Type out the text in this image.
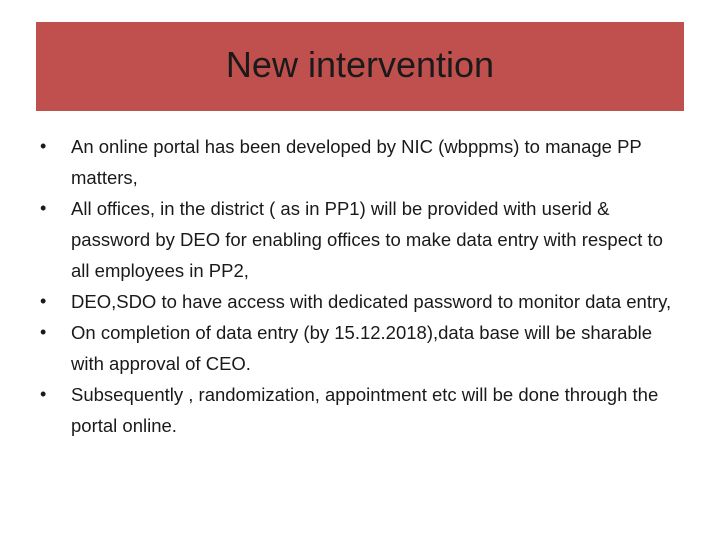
New intervention
•	An online portal has been developed by NIC (wbppms) to manage PP matters,
•	All offices, in the district ( as in PP1) will be provided with userid & password by DEO for enabling offices to make data entry with respect to all employees in PP2,
•	DEO,SDO to have access with dedicated password to monitor data entry,
•	On completion of data entry (by 15.12.2018),data base will be sharable with approval of CEO.
•	Subsequently , randomization, appointment etc will be done through the portal online.
